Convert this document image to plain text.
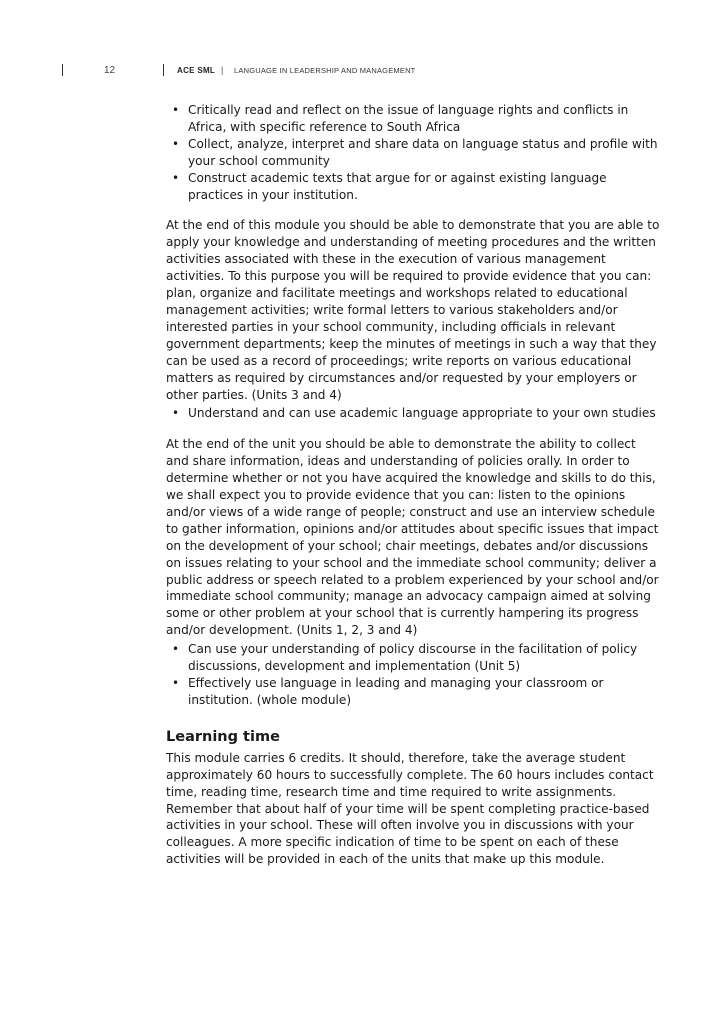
12	ACE SML | LANGUAGE IN LEADERSHIP AND MANAGEMENT
• Critically read and reflect on the issue of language rights and conflicts in Africa, with specific reference to South Africa
• Collect, analyze, interpret and share data on language status and profile with your school community
• Construct academic texts that argue for or against existing language practices in your institution.

At the end of this module you should be able to demonstrate that you are able to apply your knowledge and understanding of meeting procedures and the written activities associated with these in the execution of various management activities. To this purpose you will be required to provide evidence that you can: plan, organize and facilitate meetings and workshops related to educational management activities; write formal letters to various stakeholders and/or interested parties in your school community, including officials in relevant government departments; keep the minutes of meetings in such a way that they can be used as a record of proceedings; write reports on various educational matters as required by circumstances and/or requested by your employers or other parties. (Units 3 and 4)

• Understand and can use academic language appropriate to your own studies

At the end of the unit you should be able to demonstrate the ability to collect and share information, ideas and understanding of policies orally. In order to determine whether or not you have acquired the knowledge and skills to do this, we shall expect you to provide evidence that you can: listen to the opinions and/or views of a wide range of people; construct and use an interview schedule to gather information, opinions and/or attitudes about specific issues that impact on the development of your school; chair meetings, debates and/or discussions on issues relating to your school and the immediate school community; deliver a public address or speech related to a problem experienced by your school and/or immediate school community; manage an advocacy campaign aimed at solving some or other problem at your school that is currently hampering its progress and/or development. (Units 1, 2, 3 and 4)

• Can use your understanding of policy discourse in the facilitation of policy discussions, development and implementation (Unit 5)
• Effectively use language in leading and managing your classroom or institution. (whole module)
Learning time

This module carries 6 credits. It should, therefore, take the average student approximately 60 hours to successfully complete. The 60 hours includes contact time, reading time, research time and time required to write assignments. Remember that about half of your time will be spent completing practice-based activities in your school. These will often involve you in discussions with your colleagues. A more specific indication of time to be spent on each of these activities will be provided in each of the units that make up this module.
